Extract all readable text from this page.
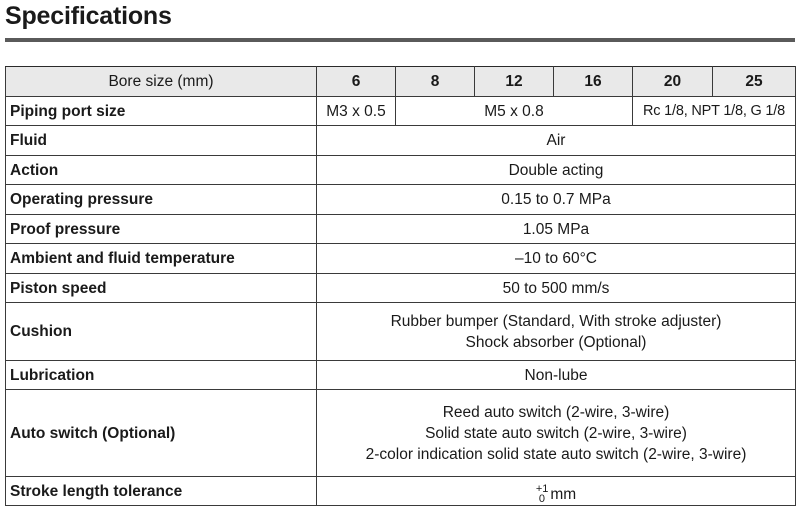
Specifications
Bore size (mm)	6	8	12	16	20	25
Piping port size	M3 x 0.5	M5 x 0.8			Rc 1/8, NPT 1/8, G 1/8	
Fluid	Air					

Action	Double acting					

Operating pressure	0.15 to 0.7 MPa					

Proof pressure	1.05 MPa					

Ambient and fluid temperature	–10 to 60°C					

Piston speed	50 to 500 mm/s					

Cushion	Rubber bumper (Standard, With stroke adjuster)
Shock absorber (Optional)					

Lubrication	Non-lube					

Auto switch (Optional)	Reed auto switch (2-wire, 3-wire)
Solid state auto switch (2-wire, 3-wire)
2-color indication solid state auto switch (2-wire, 3-wire)					

Stroke length tolerance	+1
0 mm					
